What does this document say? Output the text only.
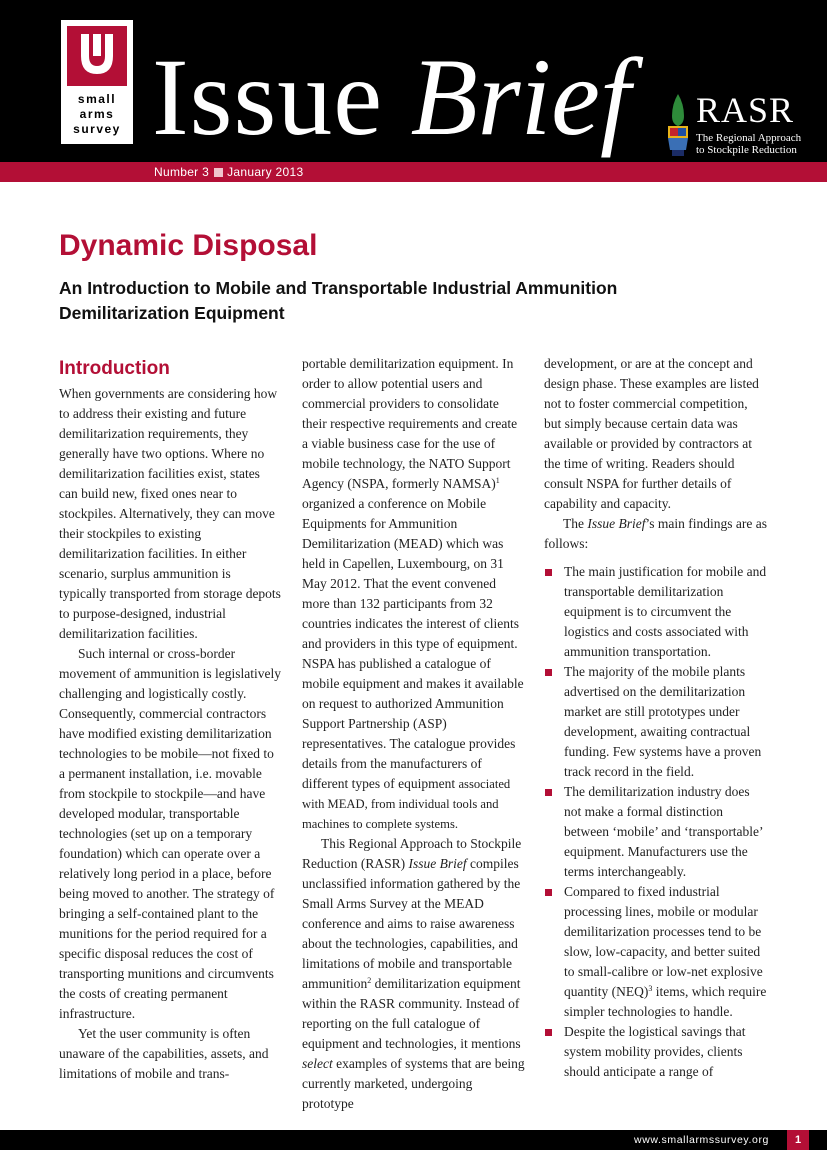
small
arms
survey Issue Brief RASR
The Regional Approach
to Stockpile Reduction
Number 3 January 2013
Dynamic Disposal
An Introduction to Mobile and Transportable Industrial Ammunition Demilitarization Equipment
Introduction

When governments are considering how to address their existing and future demilitarization requirements, they generally have two options. Where no demilitarization facilities exist, states can build new, fixed ones near to stockpiles. Alternatively, they can move their stockpiles to existing demilitarization facilities. In either scenario, surplus ammunition is typically transported from storage depots to purpose-designed, industrial demilitarization facilities.

Such internal or cross-border movement of ammunition is legislatively challenging and logistically costly. Consequently, commercial contractors have modified existing demilitarization technologies to be mobile—not fixed to a permanent installation, i.e. movable from stockpile to stockpile—and have developed modular, transportable technologies (set up on a temporary foundation) which can operate over a relatively long period in a place, before being moved to another. The strategy of bringing a self-contained plant to the munitions for the period required for a specific disposal reduces the cost of transporting munitions and circumvents the costs of creating permanent infrastructure.

Yet the user community is often unaware of the capabilities, assets, and limitations of mobile and trans-

portable demilitarization equipment. In order to allow potential users and commercial providers to consolidate their respective requirements and create a viable business case for the use of mobile technology, the NATO Support Agency (NSPA, formerly NAMSA)$^1$ organized a conference on Mobile Equipments for Ammunition Demilitarization (MEAD) which was held in Capellen, Luxembourg, on 31 May 2012. That the event convened more than 132 participants from 32 countries indicates the interest of clients and providers in this type of equipment. NSPA has published a catalogue of mobile equipment and makes it available on request to authorized Ammunition Support Partnership (ASP) representatives. The catalogue provides details from the manufacturers of different types of equipment associated with MEAD, from individual tools and machines to complete systems.

This Regional Approach to Stockpile Reduction (RASR) Issue Brief compiles unclassified information gathered by the Small Arms Survey at the MEAD conference and aims to raise awareness about the technologies, capabilities, and limitations of mobile and transportable ammunition$^2$ demilitarization equipment within the RASR community. Instead of reporting on the full catalogue of equipment and technologies, it mentions select examples of systems that are being currently marketed, undergoing prototype

development, or are at the concept and design phase. These examples are listed not to foster commercial competition, but simply because certain data was available or provided by contractors at the time of writing. Readers should consult NSPA for further details of capability and capacity.

The Issue Brief’s main findings are as follows:

The main justification for mobile and transportable demilitarization equipment is to circumvent the logistics and costs associated with ammunition transportation.
The majority of the mobile plants advertised on the demilitarization market are still prototypes under development, awaiting contractual funding. Few systems have a proven track record in the field.
The demilitarization industry does not make a formal distinction between ‘mobile’ and ‘transportable’ equipment. Manufacturers use the terms interchangeably.
Compared to fixed industrial processing lines, mobile or modular demilitarization processes tend to be slow, low-capacity, and better suited to small-calibre or low-net explosive quantity (NEQ)$^3$ items, which require simpler technologies to handle.
Despite the logistical savings that system mobility provides, clients should anticipate a range of
www.smallarmssurvey.org	1
